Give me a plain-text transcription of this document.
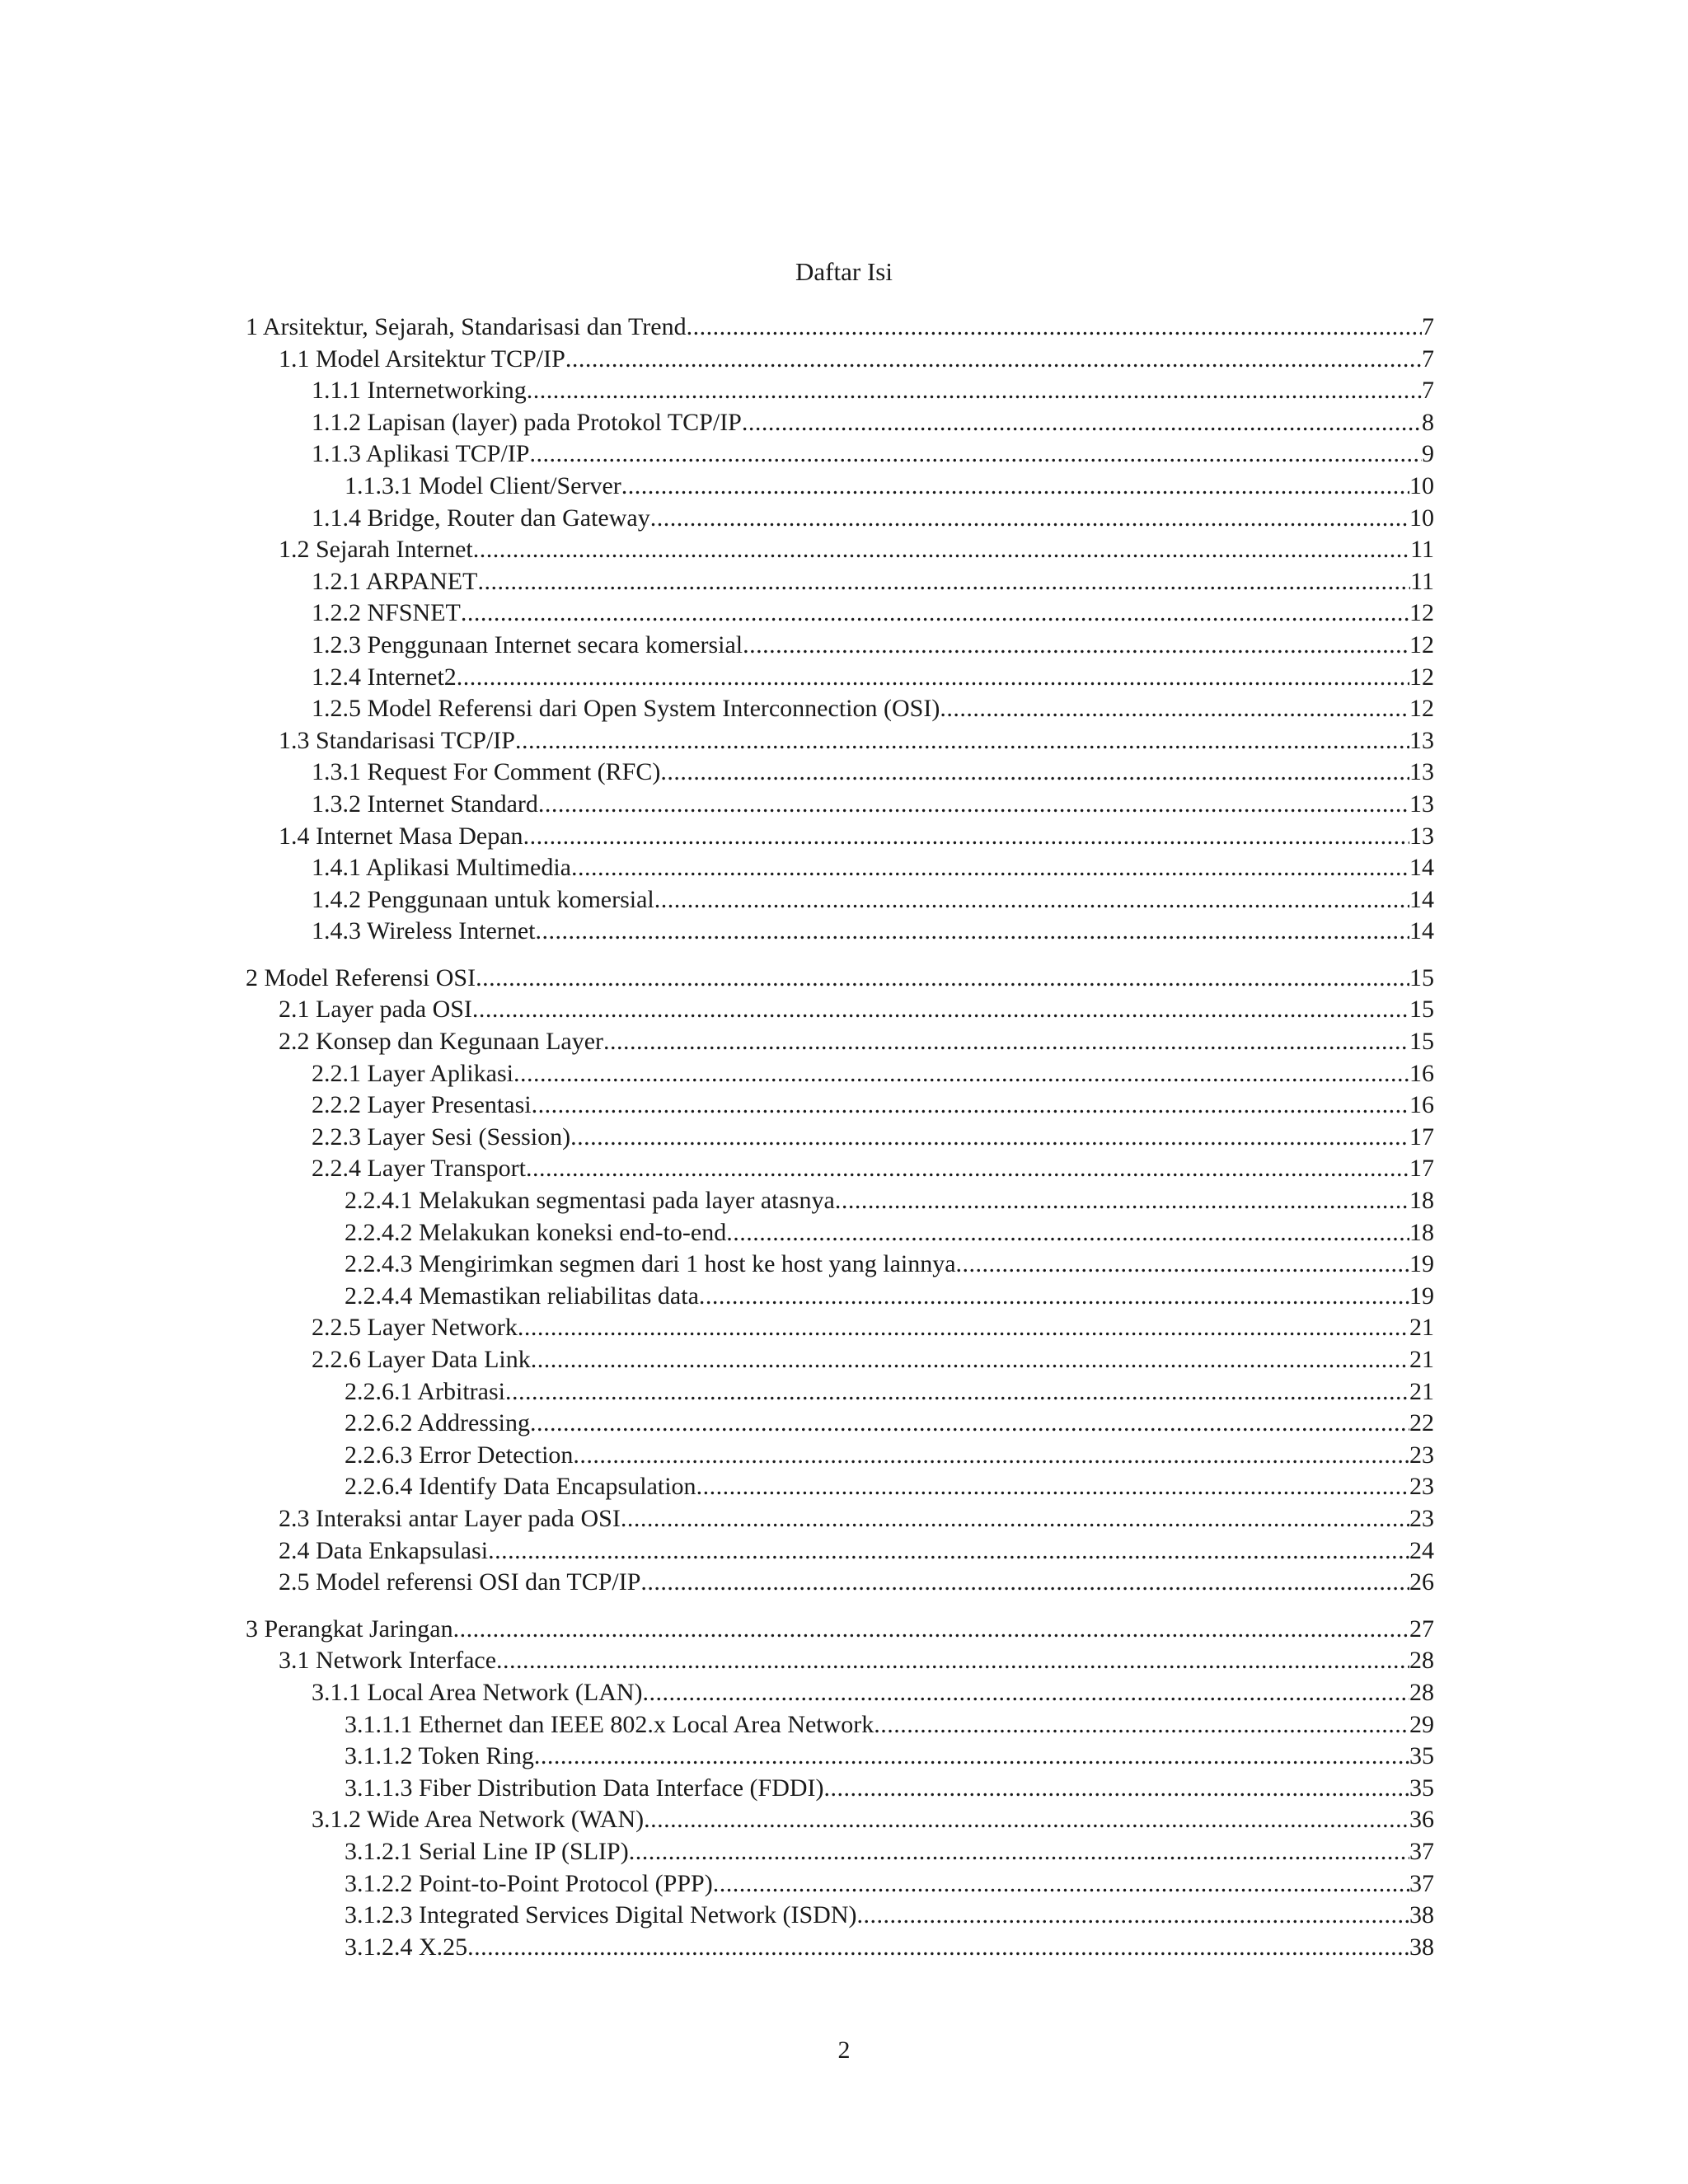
Daftar Isi
1 Arsitektur, Sejarah, Standarisasi dan Trend .....	7
1.1 Model Arsitektur TCP/IP .....	7
1.1.1 Internetworking .....	7
1.1.2 Lapisan (layer) pada Protokol TCP/IP .....	8
1.1.3 Aplikasi TCP/IP .....	9
1.1.3.1 Model Client/Server .....	10
1.1.4 Bridge, Router dan Gateway .....	10
1.2 Sejarah Internet .....	11
1.2.1 ARPANET .....	11
1.2.2 NFSNET .....	12
1.2.3 Penggunaan Internet secara komersial .....	12
1.2.4 Internet2 .....	12
1.2.5 Model Referensi dari Open System Interconnection (OSI) .....	12
1.3 Standarisasi TCP/IP .....	13
1.3.1 Request For Comment (RFC) .....	13
1.3.2 Internet Standard .....	13
1.4 Internet Masa Depan .....	13
1.4.1 Aplikasi Multimedia .....	14
1.4.2 Penggunaan untuk komersial .....	14
1.4.3 Wireless Internet .....	14
2 Model Referensi OSI .....	15
2.1 Layer pada OSI .....	15
2.2 Konsep dan Kegunaan Layer .....	15
2.2.1 Layer Aplikasi .....	16
2.2.2 Layer Presentasi .....	16
2.2.3 Layer Sesi (Session) .....	17
2.2.4 Layer Transport .....	17
2.2.4.1 Melakukan segmentasi pada layer atasnya .....	18
2.2.4.2 Melakukan koneksi end-to-end .....	18
2.2.4.3 Mengirimkan segmen dari 1 host ke host yang lainnya .....	19
2.2.4.4 Memastikan reliabilitas data .....	19
2.2.5 Layer Network .....	21
2.2.6 Layer Data Link .....	21
2.2.6.1 Arbitrasi .....	21
2.2.6.2 Addressing .....	22
2.2.6.3 Error Detection .....	23
2.2.6.4 Identify Data Encapsulation .....	23
2.3 Interaksi antar Layer pada OSI .....	23
2.4 Data Enkapsulasi .....	24
2.5 Model referensi OSI dan TCP/IP .....	26
3 Perangkat Jaringan .....	27
3.1 Network Interface .....	28
3.1.1 Local Area Network (LAN) .....	28
3.1.1.1 Ethernet dan IEEE 802.x Local Area Network .....	29
3.1.1.2 Token Ring .....	35
3.1.1.3 Fiber Distribution Data Interface (FDDI) .....	35
3.1.2 Wide Area Network (WAN) .....	36
3.1.2.1 Serial Line IP (SLIP) .....	37
3.1.2.2 Point-to-Point Protocol (PPP) .....	37
3.1.2.3 Integrated Services Digital Network (ISDN) .....	38
3.1.2.4 X.25 .....	38
2
